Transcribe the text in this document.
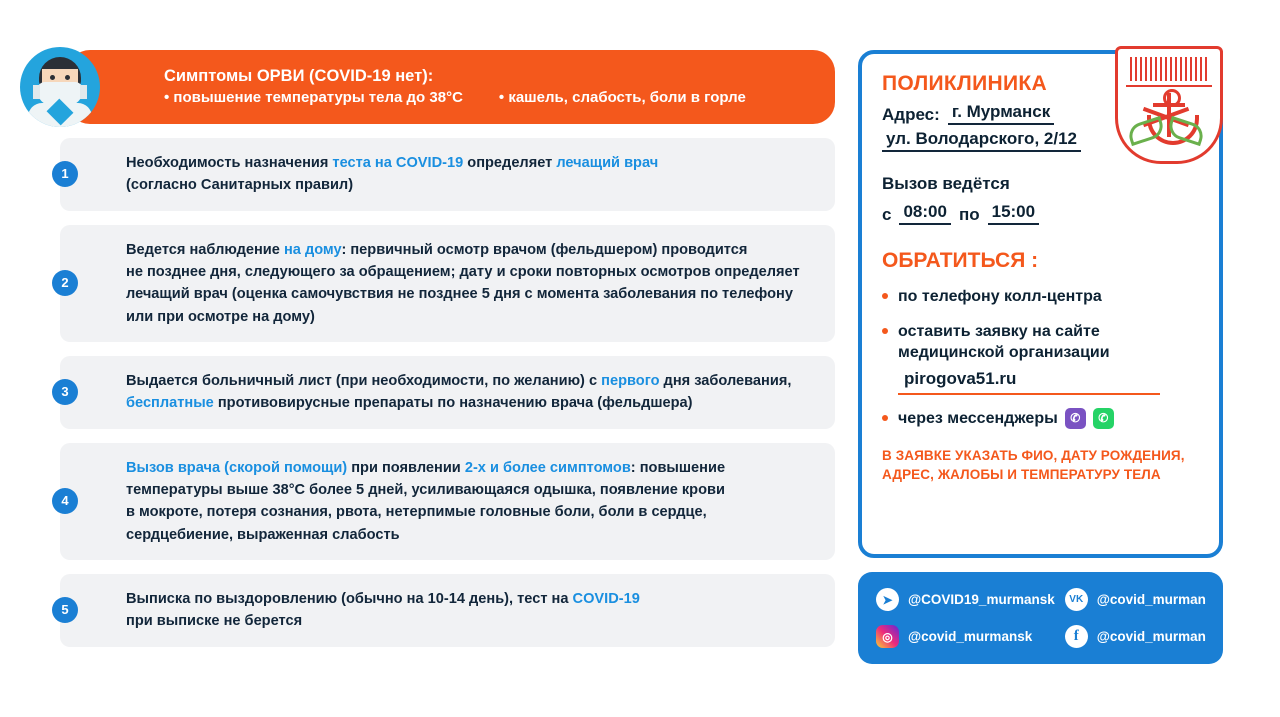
Симптомы ОРВИ (COVID-19 нет):
• повышение температуры тела до 38°C • кашель, слабость, боли в горле
1
Необходимость назначения теста на COVID-19 определяет лечащий врач
(согласно Санитарных правил)
2
Ведется наблюдение на дому: первичный осмотр врачом (фельдшером) проводится
не позднее дня, следующего за обращением; дату и сроки повторных осмотров определяет
лечащий врач (оценка самочувствия не позднее 5 дня с момента заболевания по телефону
или при осмотре на дому)
3
Выдается больничный лист (при необходимости, по желанию) с первого дня заболевания,
бесплатные противовирусные препараты по назначению врача (фельдшера)
4
Вызов врача (скорой помощи) при появлении 2-х и более симптомов: повышение
температуры выше 38°C более 5 дней, усиливающаяся одышка, появление крови
в мокроте, потеря сознания, рвота, нетерпимые головные боли, боли в сердце,
сердцебиение, выраженная слабость
5
Выписка по выздоровлению (обычно на 10-14 день), тест на COVID-19
при выписке не берется
ПОЛИКЛИНИКА
Адрес: г. Мурманск
ул. Володарского, 2/12
Вызов ведётся
с 08:00 по 15:00
ОБРАТИТЬСЯ :
по телефону колл-центра
оставить заявку на сайте
медицинской организации
pirogova51.ru
через мессенджеры	✆	✆
В ЗАЯВКЕ УКАЗАТЬ ФИО, ДАТУ РОЖДЕНИЯ,
АДРЕС, ЖАЛОБЫ И ТЕМПЕРАТУРУ ТЕЛА
➤	@COVID19_murmansk	VK	@covid_murman
◎	@covid_murmansk	f	@covid_murman
